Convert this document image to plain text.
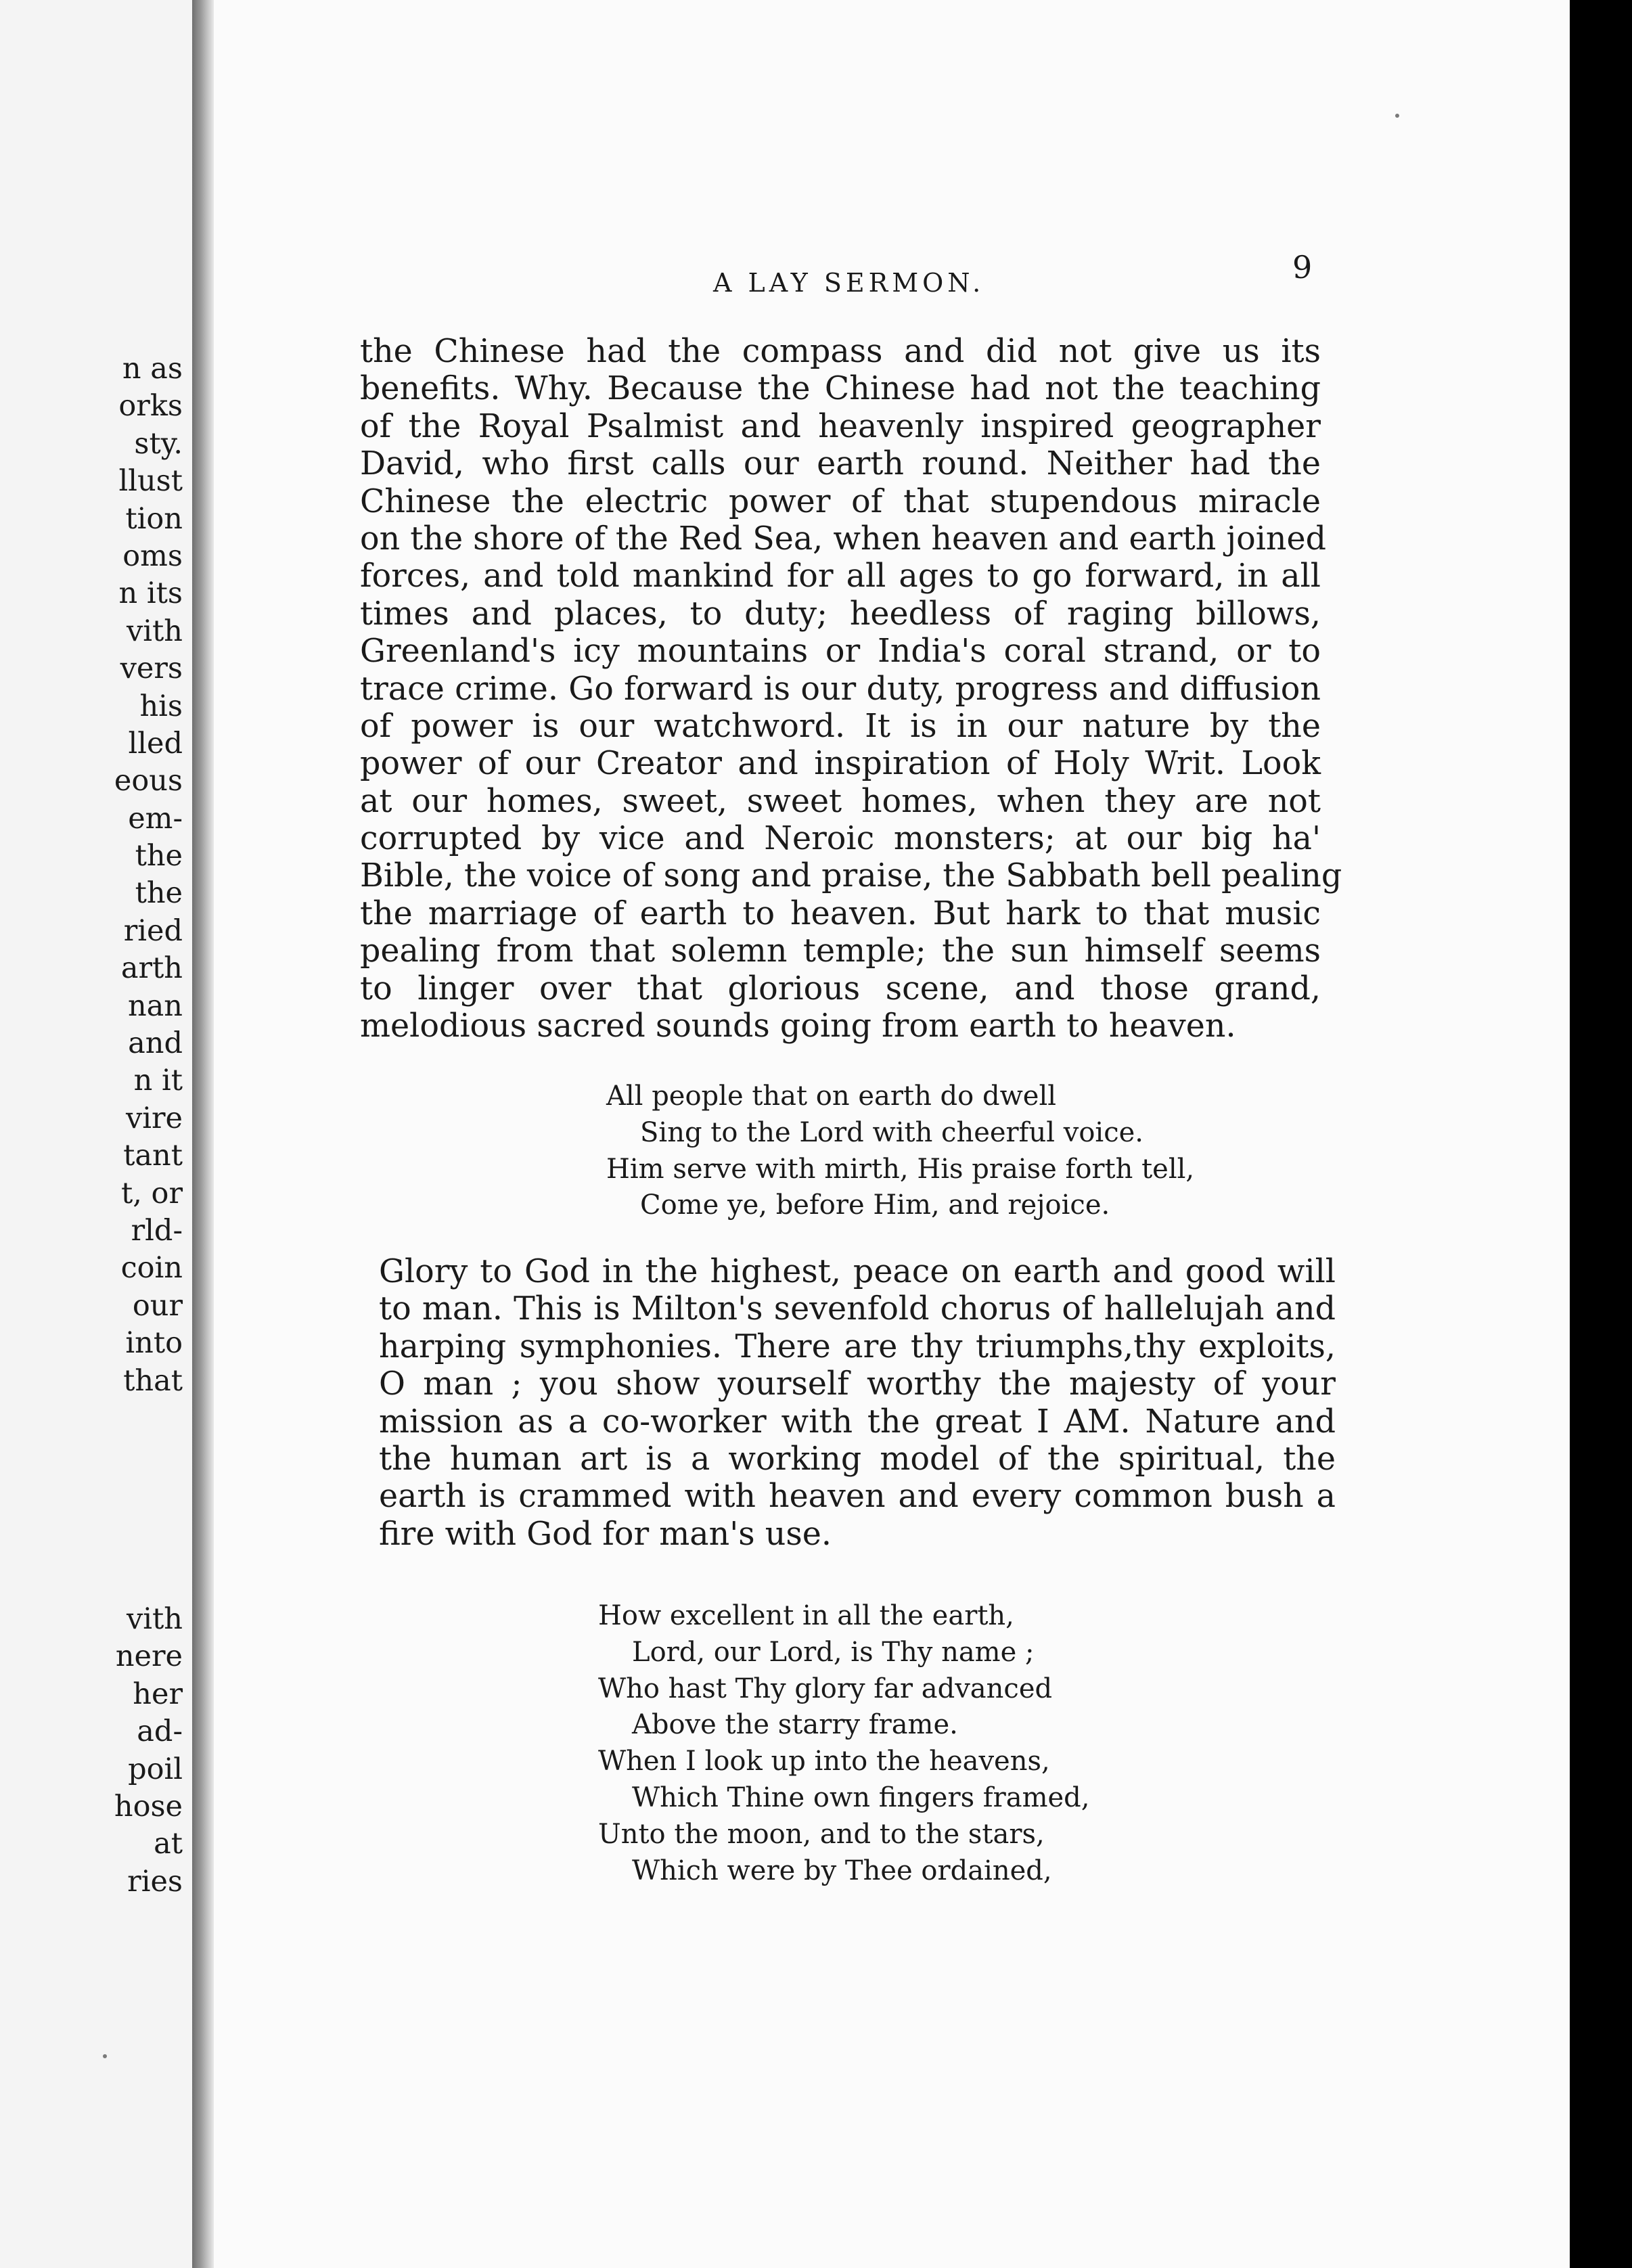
n as
orks
sty.
llust
tion
oms
n its
vith
vers
his
lled
eous
em-
the
the
ried
arth
nan
and
n it
vire
tant
t, or
rld-
coin
our
into
that
vith
nere
her
ad-
poil
hose
at
ries
A LAY SERMON.	9
the Chinese had the compass and did not give us its
benefits. Why. Because the Chinese had not the teaching
of the Royal Psalmist and heavenly inspired geographer
David, who first calls our earth round. Neither had the
Chinese the electric power of that stupendous miracle
on the shore of the Red Sea, when heaven and earth joined
forces, and told mankind for all ages to go forward, in all
times and places, to duty; heedless of raging billows,
Greenland's icy mountains or India's coral strand, or to
trace crime. Go forward is our duty, progress and diffusion
of power is our watchword. It is in our nature by the
power of our Creator and inspiration of Holy Writ. Look
at our homes, sweet, sweet homes, when they are not
corrupted by vice and Neroic monsters; at our big ha'
Bible, the voice of song and praise, the Sabbath bell pealing
the marriage of earth to heaven. But hark to that music
pealing from that solemn temple; the sun himself seems
to linger over that glorious scene, and those grand,
melodious sacred sounds going from earth to heaven.
All people that on earth do dwell
Sing to the Lord with cheerful voice.
Him serve with mirth, His praise forth tell,
Come ye, before Him, and rejoice.
Glory to God in the highest, peace on earth and good will
to man. This is Milton's sevenfold chorus of hallelujah and
harping symphonies. There are thy triumphs,thy exploits,
O man ; you show yourself worthy the majesty of your
mission as a co-worker with the great I AM. Nature and
the human art is a working model of the spiritual, the
earth is crammed with heaven and every common bush a
fire with God for man's use.
How excellent in all the earth,
Lord, our Lord, is Thy name ;
Who hast Thy glory far advanced
Above the starry frame.
When I look up into the heavens,
Which Thine own fingers framed,
Unto the moon, and to the stars,
Which were by Thee ordained,
